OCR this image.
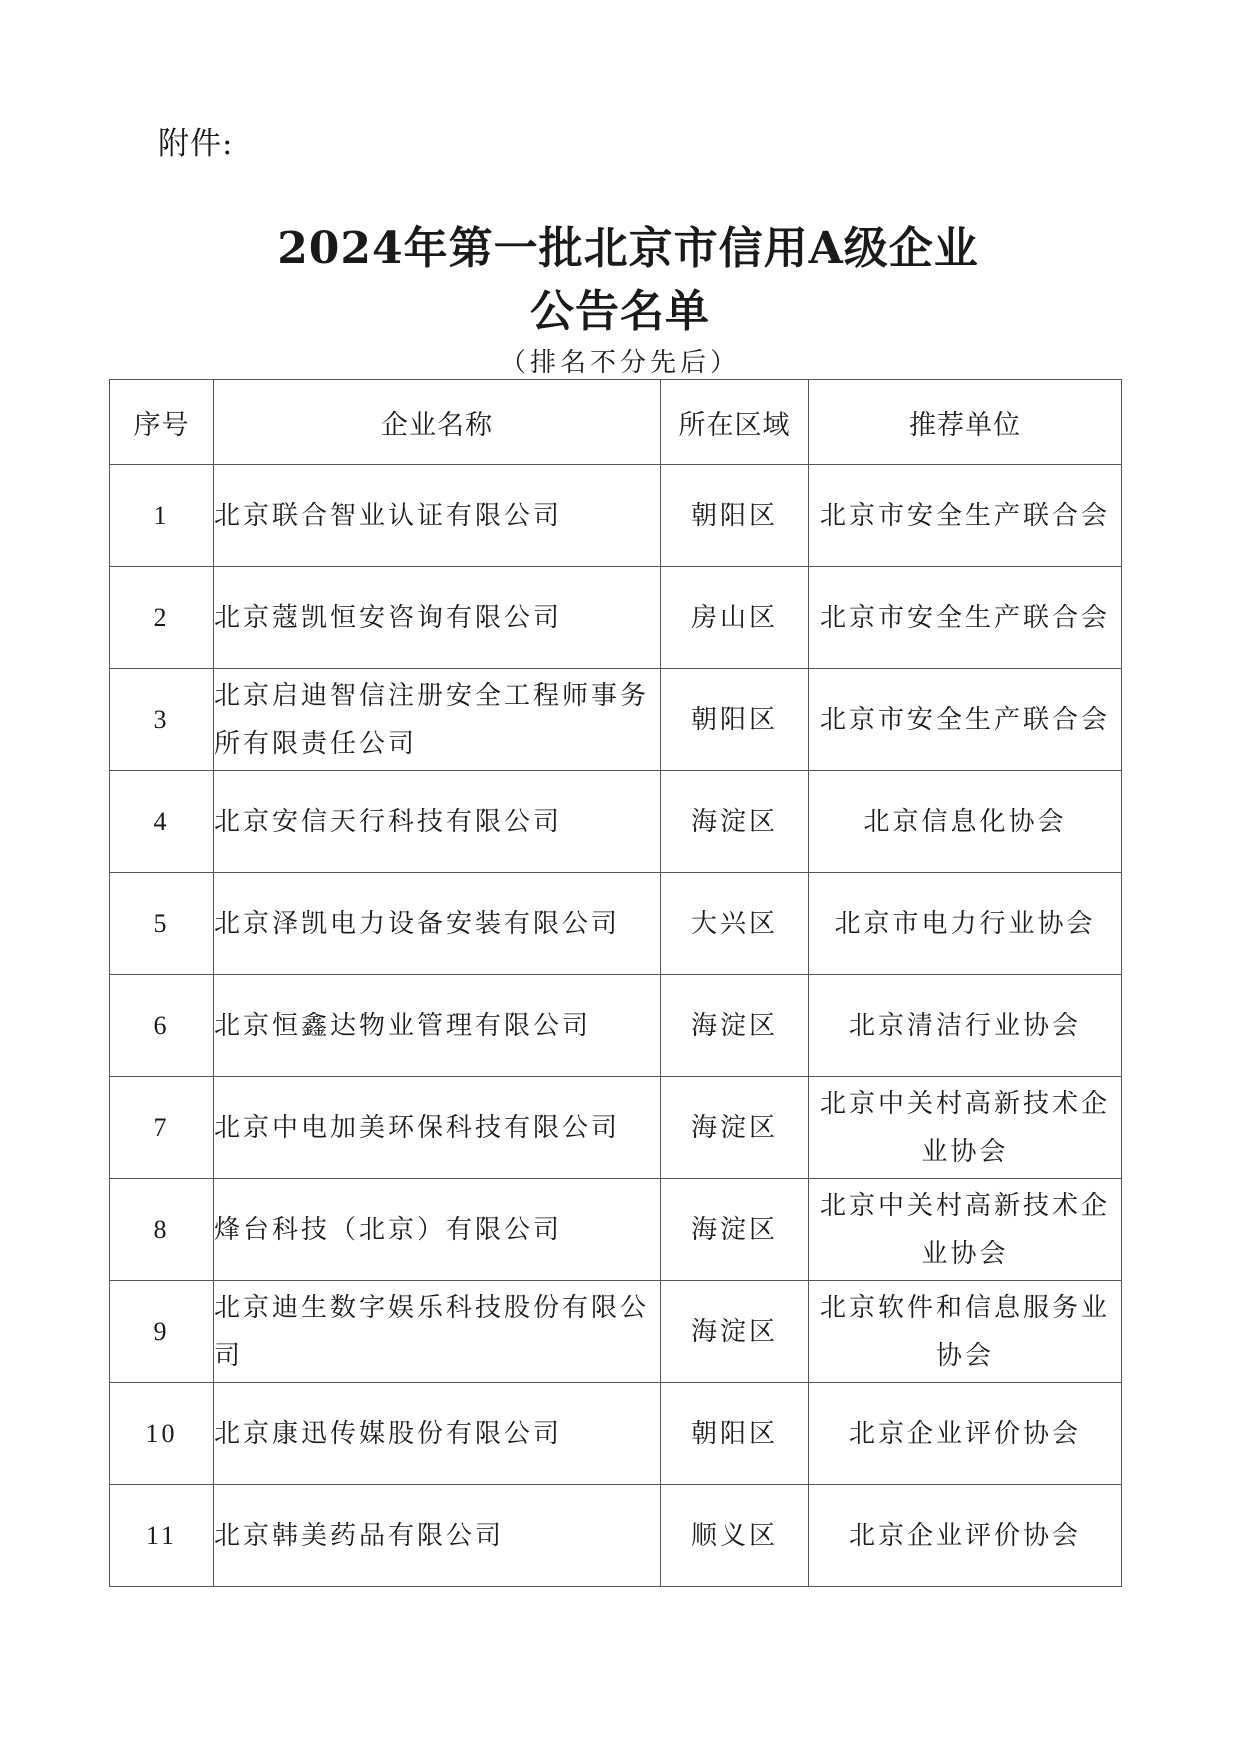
附件:
2024年第一批北京市信用A级企业
公告名单
（排名不分先后）
序号	企业名称	所在区域	推荐单位
1	北京联合智业认证有限公司	朝阳区	北京市安全生产联合会
2	北京蔻凯恒安咨询有限公司	房山区	北京市安全生产联合会
3	北京启迪智信注册安全工程师事务所有限责任公司	朝阳区	北京市安全生产联合会
4	北京安信天行科技有限公司	海淀区	北京信息化协会
5	北京泽凯电力设备安装有限公司	大兴区	北京市电力行业协会
6	北京恒鑫达物业管理有限公司	海淀区	北京清洁行业协会
7	北京中电加美环保科技有限公司	海淀区	北京中关村高新技术企业协会
8	烽台科技（北京）有限公司	海淀区	北京中关村高新技术企业协会
9	北京迪生数字娱乐科技股份有限公司	海淀区	北京软件和信息服务业协会
10	北京康迅传媒股份有限公司	朝阳区	北京企业评价协会
11	北京韩美药品有限公司	顺义区	北京企业评价协会
